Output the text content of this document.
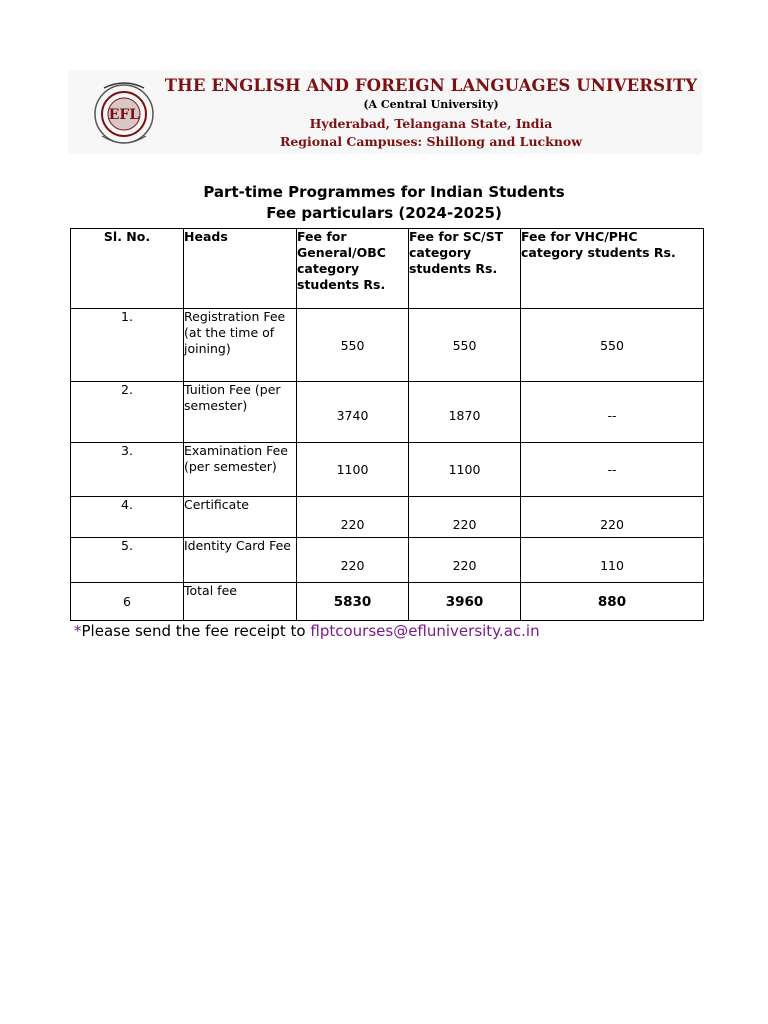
EFL
THE ENGLISH AND FOREIGN LANGUAGES UNIVERSITY
(A Central University)
Hyderabad, Telangana State, India
Regional Campuses: Shillong and Lucknow
Part-time Programmes for Indian Students
Fee particulars (2024-2025)
Sl. No.	Heads	Fee for General/OBC category students Rs.	Fee for SC/ST category students Rs.	Fee for VHC/PHC category students Rs.

1.	Registration Fee (at the time of joining)	550	550	550
2.	Tuition Fee (per semester)	3740	1870	--
3.	Examination Fee (per semester)	1100	1100	--
4.	Certificate	220	220	220
5.	Identity Card Fee	220	220	110
6	Total fee	5830	3960	880
*Please send the fee receipt to flptcourses@efluniversity.ac.in
